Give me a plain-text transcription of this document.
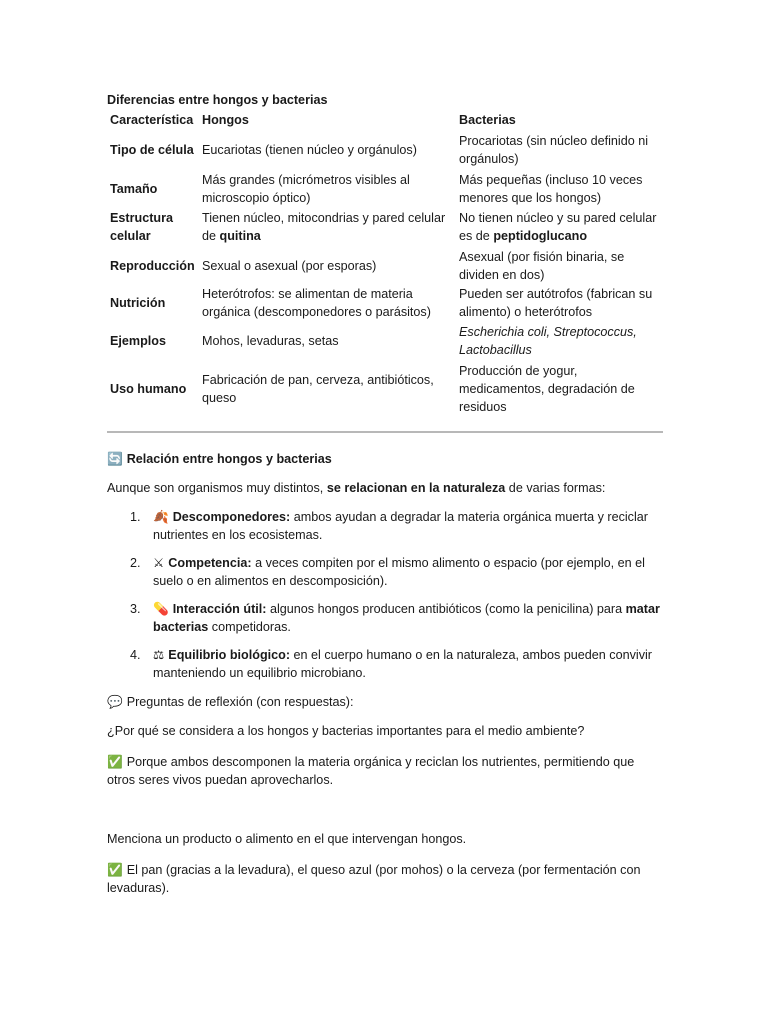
Diferencias entre hongos y bacterias
Característica Hongos	Bacterias
Tipo de célula Eucariotas (tienen núcleo y orgánulos)
Procariotas (sin núcleo definido ni orgánulos)
Tamaño
Más grandes (micrómetros visibles al microscopio óptico)
Más pequeñas (incluso 10 veces menores que los hongos)
Estructura celular
Tienen núcleo, mitocondrias y pared celular de quitina
No tienen núcleo y su pared celular es de peptidoglucano
Reproducción Sexual o asexual (por esporas)
Asexual (por fisión binaria, se dividen en dos)
Nutrición
Heterótrofos: se alimentan de materia orgánica (descomponedores o parásitos)
Pueden ser autótrofos (fabrican su alimento) o heterótrofos
Ejemplos	Mohos, levaduras, setas
Escherichia coli, Streptococcus, Lactobacillus
Uso humano
Fabricación de pan, cerveza, antibióticos, queso
Producción de yogur, medicamentos, degradación de residuos
🔄 Relación entre hongos y bacterias
Aunque son organismos muy distintos, se relacionan en la naturaleza de varias formas:
1. 🍂 Descomponedores: ambos ayudan a degradar la materia orgánica muerta y reciclar nutrientes en los ecosistemas.
2. ⚔ Competencia: a veces compiten por el mismo alimento o espacio (por ejemplo, en el suelo o en alimentos en descomposición).
3. 💊 Interacción útil: algunos hongos producen antibióticos (como la penicilina) para matar bacterias competidoras.
4. ⚖ Equilibrio biológico: en el cuerpo humano o en la naturaleza, ambos pueden convivir manteniendo un equilibrio microbiano.
💬 Preguntas de reflexión (con respuestas):
¿Por qué se considera a los hongos y bacterias importantes para el medio ambiente?
✅ Porque ambos descomponen la materia orgánica y reciclan los nutrientes, permitiendo que otros seres vivos puedan aprovecharlos.
Menciona un producto o alimento en el que intervengan hongos.
✅ El pan (gracias a la levadura), el queso azul (por mohos) o la cerveza (por fermentación con levaduras).
